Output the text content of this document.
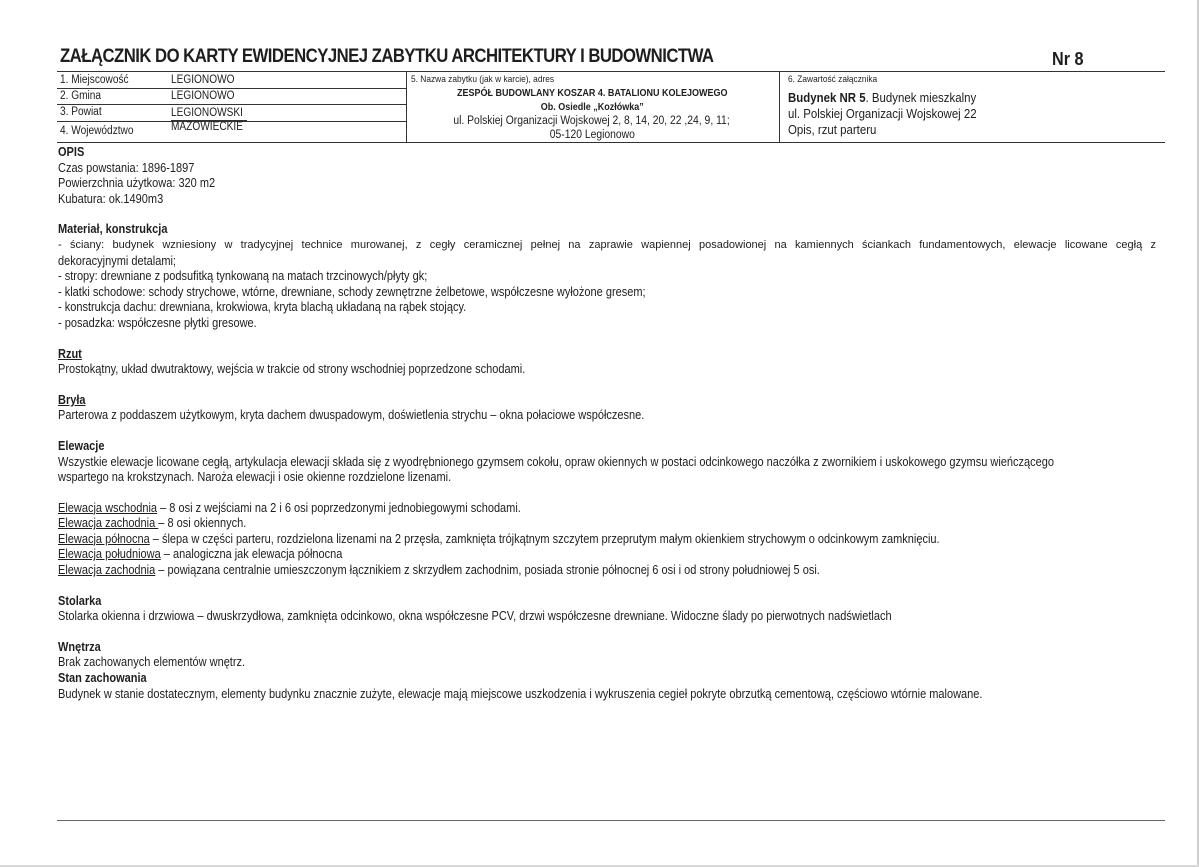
ZAŁĄCZNIK DO KARTY EWIDENCYJNEJ ZABYTKU ARCHITEKTURY I BUDOWNICTWA	Nr 8
1. Miejscowość	LEGIONOWO
2. Gmina	LEGIONOWO
3. Powiat	LEGIONOWSKI
4. Województwo	MAZOWIECKIE
5. Nazwa zabytku (jak w karcie), adres
ZESPÓŁ BUDOWLANY KOSZAR 4. BATALIONU KOLEJOWEGO
Ob. Osiedle „Kozłówka”
ul. Polskiej Organizacji Wojskowej 2, 8, 14, 20, 22 ,24, 9, 11;
05-120 Legionowo
6. Zawartość załącznika
Budynek NR 5. Budynek mieszkalny
ul. Polskiej Organizacji Wojskowej 22
Opis, rzut parteru
OPIS
Czas powstania: 1896-1897
Powierzchnia użytkowa: 320 m2
Kubatura: ok.1490m3
Materiał, konstrukcja
- ściany: budynek wzniesiony w tradycyjnej technice murowanej, z cegły ceramicznej pełnej na zaprawie wapiennej posadowionej na kamiennych ściankach fundamentowych, elewacje licowane cegłą z
dekoracyjnymi detalami;
- stropy: drewniane z podsufitką tynkowaną na matach trzcinowych/płyty gk;
- klatki schodowe: schody strychowe, wtórne, drewniane, schody zewnętrzne żelbetowe, współczesne wyłożone gresem;
- konstrukcja dachu: drewniana, krokwiowa, kryta blachą układaną na rąbek stojący.
- posadzka: współczesne płytki gresowe.
Rzut
Prostokątny, układ dwutraktowy, wejścia w trakcie od strony wschodniej poprzedzone schodami.
Bryła
Parterowa z poddaszem użytkowym, kryta dachem dwuspadowym, doświetlenia strychu – okna połaciowe współczesne.
Elewacje
Wszystkie elewacje licowane cegłą, artykulacja elewacji składa się z wyodrębnionego gzymsem cokołu, opraw okiennych w postaci odcinkowego naczółka z zwornikiem i uskokowego gzymsu wieńczącego
wspartego na krokstzynach. Naroża elewacji i osie okienne rozdzielone lizenami.
Elewacja wschodnia – 8 osi z wejściami na 2 i 6 osi poprzedzonymi jednobiegowymi schodami.
Elewacja zachodnia – 8 osi okiennych.
Elewacja północna – ślepa w części parteru, rozdzielona lizenami na 2 przęsła, zamknięta trójkątnym szczytem przeprutym małym okienkiem strychowym o odcinkowym zamknięciu.
Elewacja południowa – analogiczna jak elewacja północna
Elewacja zachodnia – powiązana centralnie umieszczonym łącznikiem z skrzydłem zachodnim, posiada stronie północnej 6 osi i od strony południowej 5 osi.
Stolarka
Stolarka okienna i drzwiowa – dwuskrzydłowa, zamknięta odcinkowo, okna współczesne PCV, drzwi współczesne drewniane. Widoczne ślady po pierwotnych nadświetlach
Wnętrza
Brak zachowanych elementów wnętrz.
Stan zachowania
Budynek w stanie dostatecznym, elementy budynku znacznie zużyte, elewacje mają miejscowe uszkodzenia i wykruszenia cegieł pokryte obrzutką cementową, częściowo wtórnie malowane.
